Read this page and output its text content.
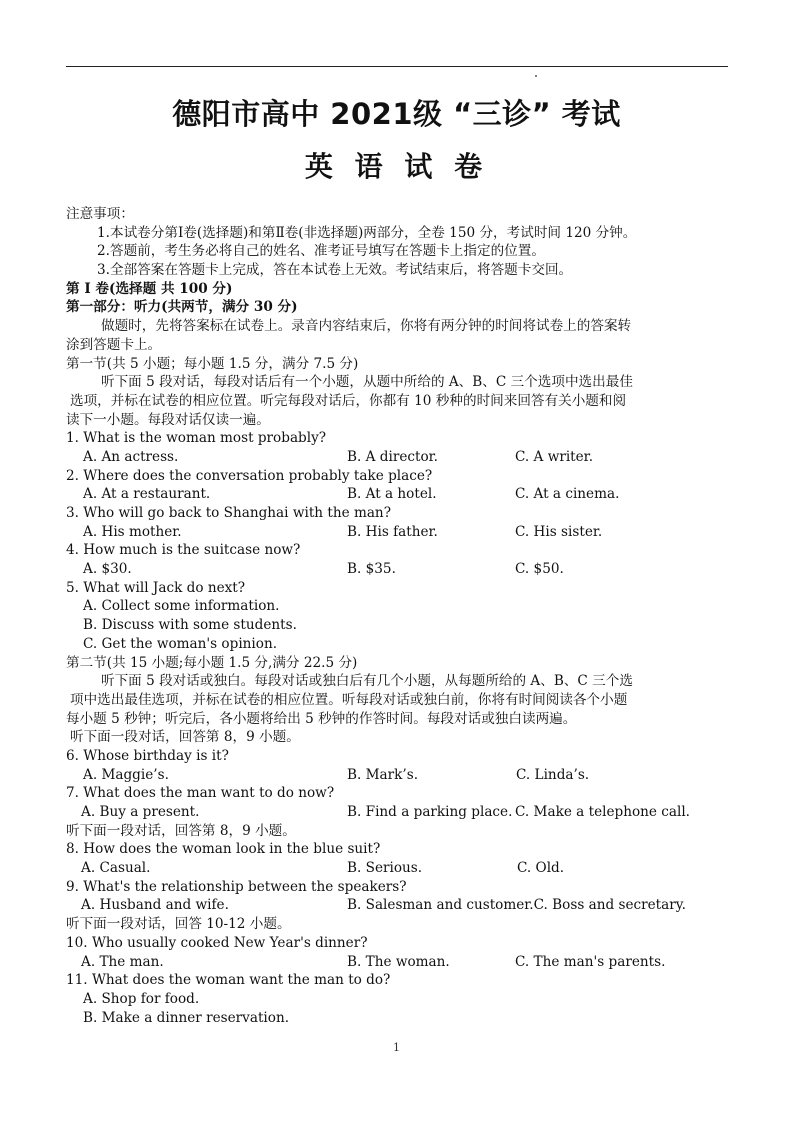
德阳市高中 2021级 “三诊” 考试
英 语 试 卷
注意事项：
1.本试卷分第Ⅰ卷(选择题)和第Ⅱ卷(非选择题)两部分，全卷 150 分，考试时间 120 分钟。
2.答题前，考生务必将自己的姓名、准考证号填写在答题卡上指定的位置。
3.全部答案在答题卡上完成，答在本试卷上无效。考试结束后，将答题卡交回。
第 Ⅰ 卷(选择题 共 100 分)
第一部分：听力(共两节，满分 30 分)
做题时，先将答案标在试卷上。录音内容结束后，你将有两分钟的时间将试卷上的答案转
涂到答题卡上。
第一节(共 5 小题；每小题 1.5 分，满分 7.5 分)
听下面 5 段对话，每段对话后有一个小题，从题中所给的 A、B、C 三个选项中选出最佳
选项，并标在试卷的相应位置。听完每段对话后，你都有 10 秒种的时间来回答有关小题和阅
读下一小题。每段对话仅读一遍。
1. What is the woman most probably?
A. An actress.	B. A director.	C. A writer.
2. Where does the conversation probably take place?
A. At a restaurant.	B. At a hotel.	C. At a cinema.
3. Who will go back to Shanghai with the man?
A. His mother.	B. His father.	C. His sister.
4. How much is the suitcase now?
A. $30.	B. $35.	C. $50.
5. What will Jack do next?
A. Collect some information.
B. Discuss with some students.
C. Get the woman's opinion.
第二节(共 15 小题;每小题 1.5 分,满分 22.5 分)
听下面 5 段对话或独白。每段对话或独白后有几个小题，从每题所给的 A、B、C 三个选
项中选出最佳选项，并标在试卷的相应位置。听每段对话或独白前，你将有时间阅读各个小题
每小题 5 秒钟；听完后，各小题将给出 5 秒钟的作答时间。每段对话或独白读两遍。
听下面一段对话，回答第 8，9 小题。
6. Whose birthday is it?
A. Maggie’s.	B. Mark’s.	C. Linda’s.
7. What does the man want to do now?
A. Buy a present.	B. Find a parking place. C. Make a telephone call.
听下面一段对话，回答第 8，9 小题。
8. How does the woman look in the blue suit?
A. Casual.	B. Serious.	C. Old.
9. What's the relationship between the speakers?
A. Husband and wife.	B. Salesman and customer.C. Boss and secretary.
听下面一段对话，回答 10-12 小题。
10. Who usually cooked New Year's dinner?
A. The man.	B. The woman.	C. The man's parents.
11. What does the woman want the man to do?
A. Shop for food.
B. Make a dinner reservation.
1
